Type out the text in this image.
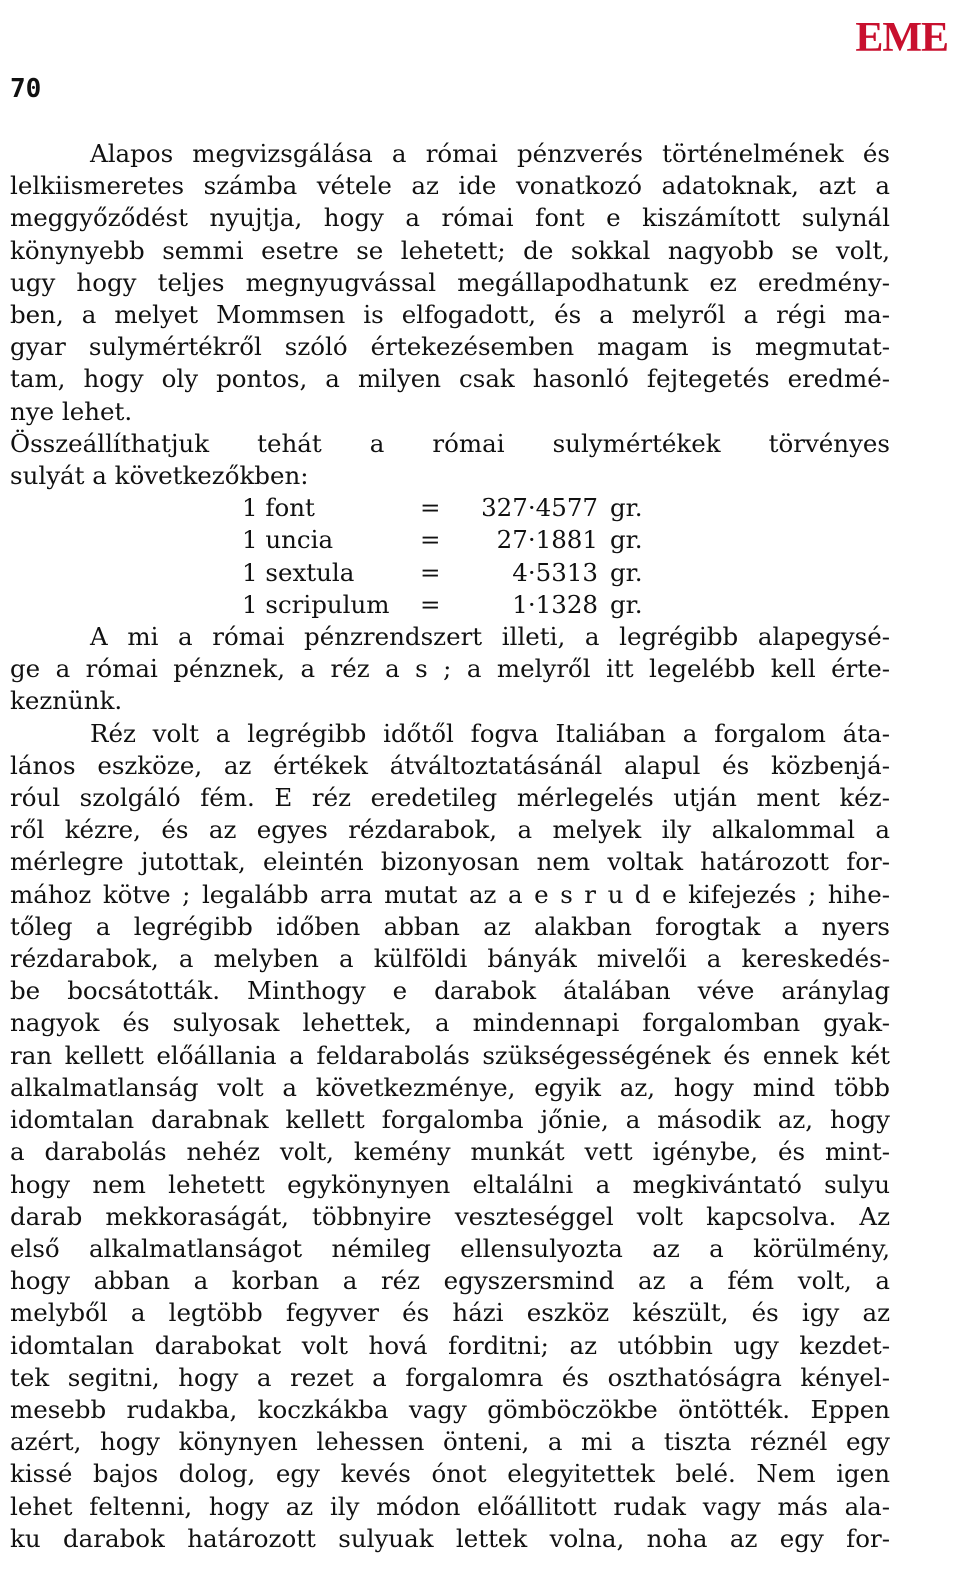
EME
70
Alapos megvizsgálása a római pénzverés történelmének és
lelkiismeretes számba vétele az ide vonatkozó adatoknak, azt a
meggyőződést nyujtja, hogy a római font e kiszámított sulynál
könynyebb semmi esetre se lehetett; de sokkal nagyobb se volt,
ugy hogy teljes megnyugvással megállapodhatunk ez eredmény-
ben, a melyet Mommsen is elfogadott, és a melyről a régi ma-
gyar sulymértékről szóló értekezésemben magam is megmutat-
tam, hogy oly pontos, a milyen csak hasonló fejtegetés eredmé-
nye lehet.
Összeállíthatjuk tehát a római sulymértékek törvényes
sulyát a következőkben:
1 font	=	327·4577 gr.
1 uncia	=	27·1881 gr.
1 sextula	=	4·5313 gr.
1 scripulum	=	1·1328 gr.
A mi a római pénzrendszert illeti, a legrégibb alapegysé-
ge a római pénznek, a réz a s ; a melyről itt legelébb kell érte-
keznünk.
Réz volt a legrégibb időtől fogva Italiában a forgalom áta-
lános eszköze, az értékek átváltoztatásánál alapul és közbenjá-
róul szolgáló fém. E réz eredetileg mérlegelés utján ment kéz-
ről kézre, és az egyes rézdarabok, a melyek ily alkalommal a
mérlegre jutottak, eleintén bizonyosan nem voltak határozott for-
mához kötve ; legalább arra mutat az a e s r u d e kifejezés ; hihe-
tőleg a legrégibb időben abban az alakban forogtak a nyers
rézdarabok, a melyben a külföldi bányák mivelői a kereskedés-
be bocsátották. Minthogy e darabok átalában véve aránylag
nagyok és sulyosak lehettek, a mindennapi forgalomban gyak-
ran kellett előállania a feldarabolás szükségességének és ennek két
alkalmatlanság volt a következménye, egyik az, hogy mind több
idomtalan darabnak kellett forgalomba jőnie, a második az, hogy
a darabolás nehéz volt, kemény munkát vett igénybe, és mint-
hogy nem lehetett egykönynyen eltalálni a megkivántató sulyu
darab mekkoraságát, többnyire veszteséggel volt kapcsolva. Az
első alkalmatlanságot némileg ellensulyozta az a körülmény,
hogy abban a korban a réz egyszersmind az a fém volt, a
melyből a legtöbb fegyver és házi eszköz készült, és igy az
idomtalan darabokat volt hová forditni; az utóbbin ugy kezdet-
tek segitni, hogy a rezet a forgalomra és oszthatóságra kényel-
mesebb rudakba, koczkákba vagy gömböczökbe öntötték. Eppen
azért, hogy könynyen lehessen önteni, a mi a tiszta réznél egy
kissé bajos dolog, egy kevés ónot elegyitettek belé. Nem igen
lehet feltenni, hogy az ily módon előállitott rudak vagy más ala-
ku darabok határozott sulyuak lettek volna, noha az egy for-
